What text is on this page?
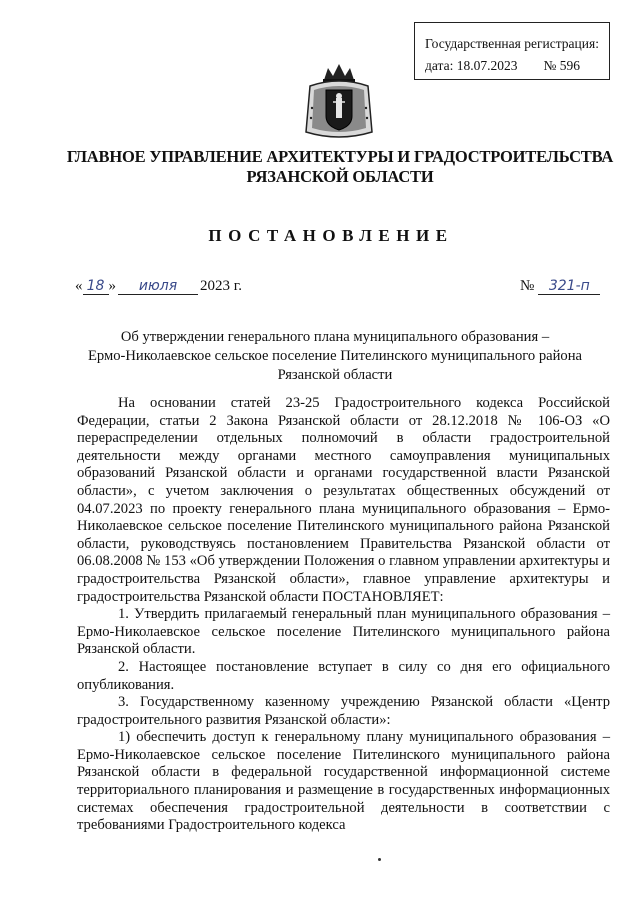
Государственная регистрация:
дата: 18.07.2023 № 596
ГЛАВНОЕ УПРАВЛЕНИЕ АРХИТЕКТУРЫ И ГРАДОСТРОИТЕЛЬСТВА
РЯЗАНСКОЙ ОБЛАСТИ
ПОСТАНОВЛЕНИЕ
« 18 »	июля	2023 г.	№	321-п
Об утверждении генерального плана муниципального образования –
Ермо-Николаевское сельское поселение Пителинского муниципального района
Рязанской области

На основании статей 23-25 Градостроительного кодекса Российской Федерации, статьи 2 Закона Рязанской области от 28.12.2018 № 106-ОЗ «О перераспределении отдельных полномочий в области градостроительной деятельности между органами местного самоуправления муниципальных образований Рязанской области и органами государственной власти Рязанской области», с учетом заключения о результатах общественных обсуждений от 04.07.2023 по проекту генерального плана муниципального образования – Ермо-Николаевское сельское поселение Пителинского муниципального района Рязанской области, руководствуясь постановлением Правительства Рязанской области от 06.08.2008 № 153 «Об утверждении Положения о главном управлении архитектуры и градостроительства Рязанской области», главное управление архитектуры и градостроительства Рязанской области ПОСТАНОВЛЯЕТ:

1. Утвердить прилагаемый генеральный план муниципального образования – Ермо-Николаевское сельское поселение Пителинского муниципального района Рязанской области.

2. Настоящее постановление вступает в силу со дня его официального опубликования.

3. Государственному казенному учреждению Рязанской области «Центр градостроительного развития Рязанской области»:

1) обеспечить доступ к генеральному плану муниципального образования – Ермо-Николаевское сельское поселение Пителинского муниципального района Рязанской области в федеральной государственной информационной системе территориального планирования и размещение в государственных информационных системах обеспечения градостроительной деятельности в соответствии с требованиями Градостроительного кодекса
